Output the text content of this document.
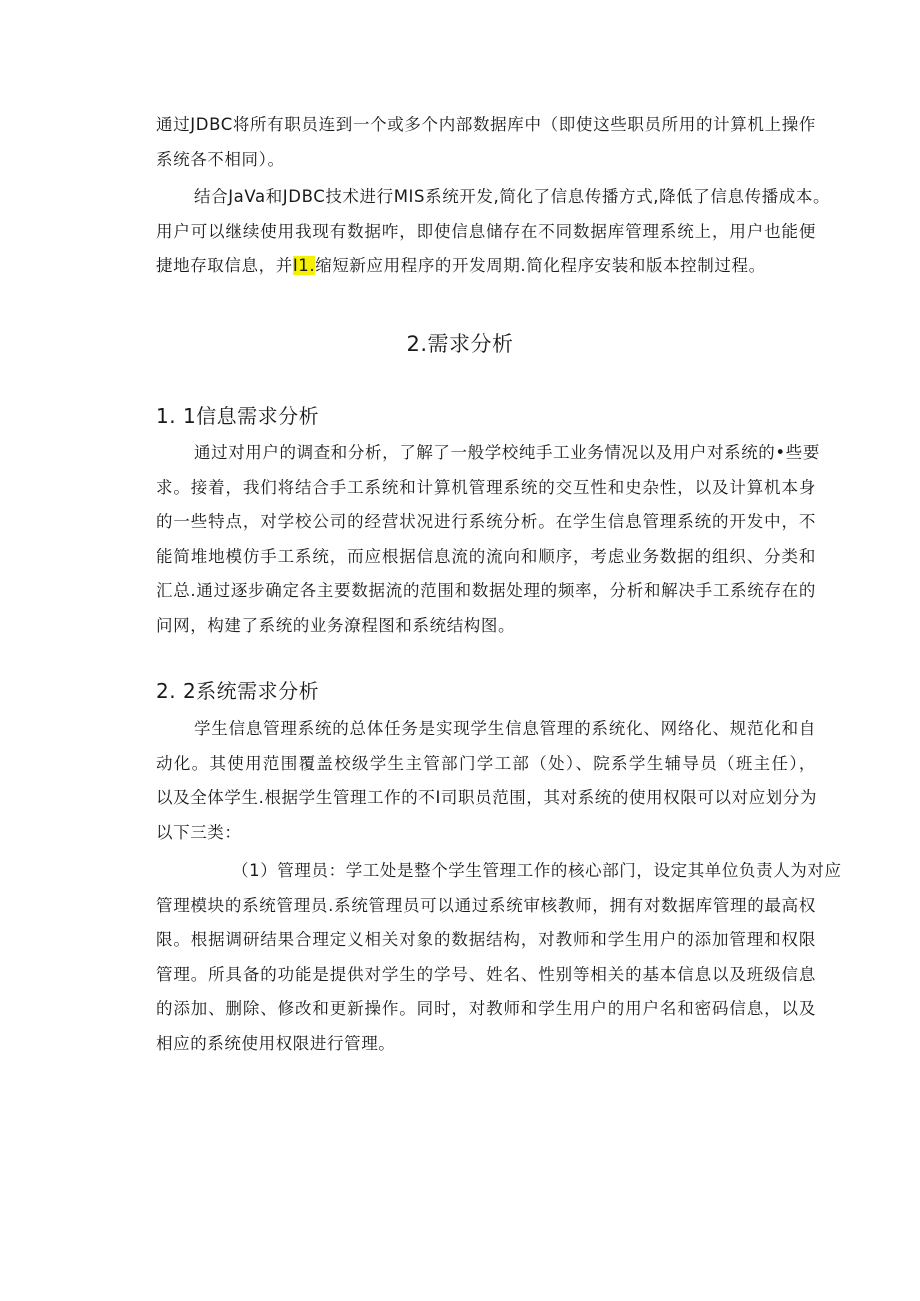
通过JDBC将所有职员连到一个或多个内部数据库中（即使这些职员所用的计算机上操作
系统各不相同）。
结合JaVa和JDBC技术进行MIS系统开发,简化了信息传播方式,降低了信息传播成本。
用户可以继续使用我现有数据咋，即使信息储存在不同数据库管理系统上，用户也能便
捷地存取信息，并I1.缩短新应用程序的开发周期.简化程序安装和版本控制过程。
2.需求分析
1. 1信息需求分析
通过对用户的调查和分析，了解了一般学校纯手工业务情况以及用户对系统的•些要
求。接着，我们将结合手工系统和计算机管理系统的交互性和史杂性，以及计算机本身
的一些特点，对学校公司的经营状况进行系统分析。在学生信息管理系统的开发中，不
能简堆地模仿手工系统，而应根据信息流的流向和顺序，考虑业务数据的组织、分类和
汇总.通过逐步确定各主要数据流的范围和数据处理的频率，分析和解决手工系统存在的
问网，构建了系统的业务潦程图和系统结构图。
2. 2系统需求分析
学生信息管理系统的总体任务是实现学生信息管理的系统化、网络化、规范化和自
动化。其使用范围覆盖校级学生主管部门学工部（处）、院系学生辅导员（班主任），
以及全体学生.根据学生管理工作的不I司职员范围，其对系统的使用权限可以对应划分为
以下三类：
（1）管理员：学工处是整个学生管理工作的核心部门，设定其单位负责人为对应
管理模块的系统管理员.系统管理员可以通过系统审核教师，拥有对数据库管理的最高权
限。根据调研结果合理定义相关对象的数据结构，对教师和学生用户的添加管理和权限
管理。所具备的功能是提供对学生的学号、姓名、性别等相关的基本信息以及班级信息
的添加、删除、修改和更新操作。同时，对教师和学生用户的用户名和密码信息，以及
相应的系统使用权限进行管理。
